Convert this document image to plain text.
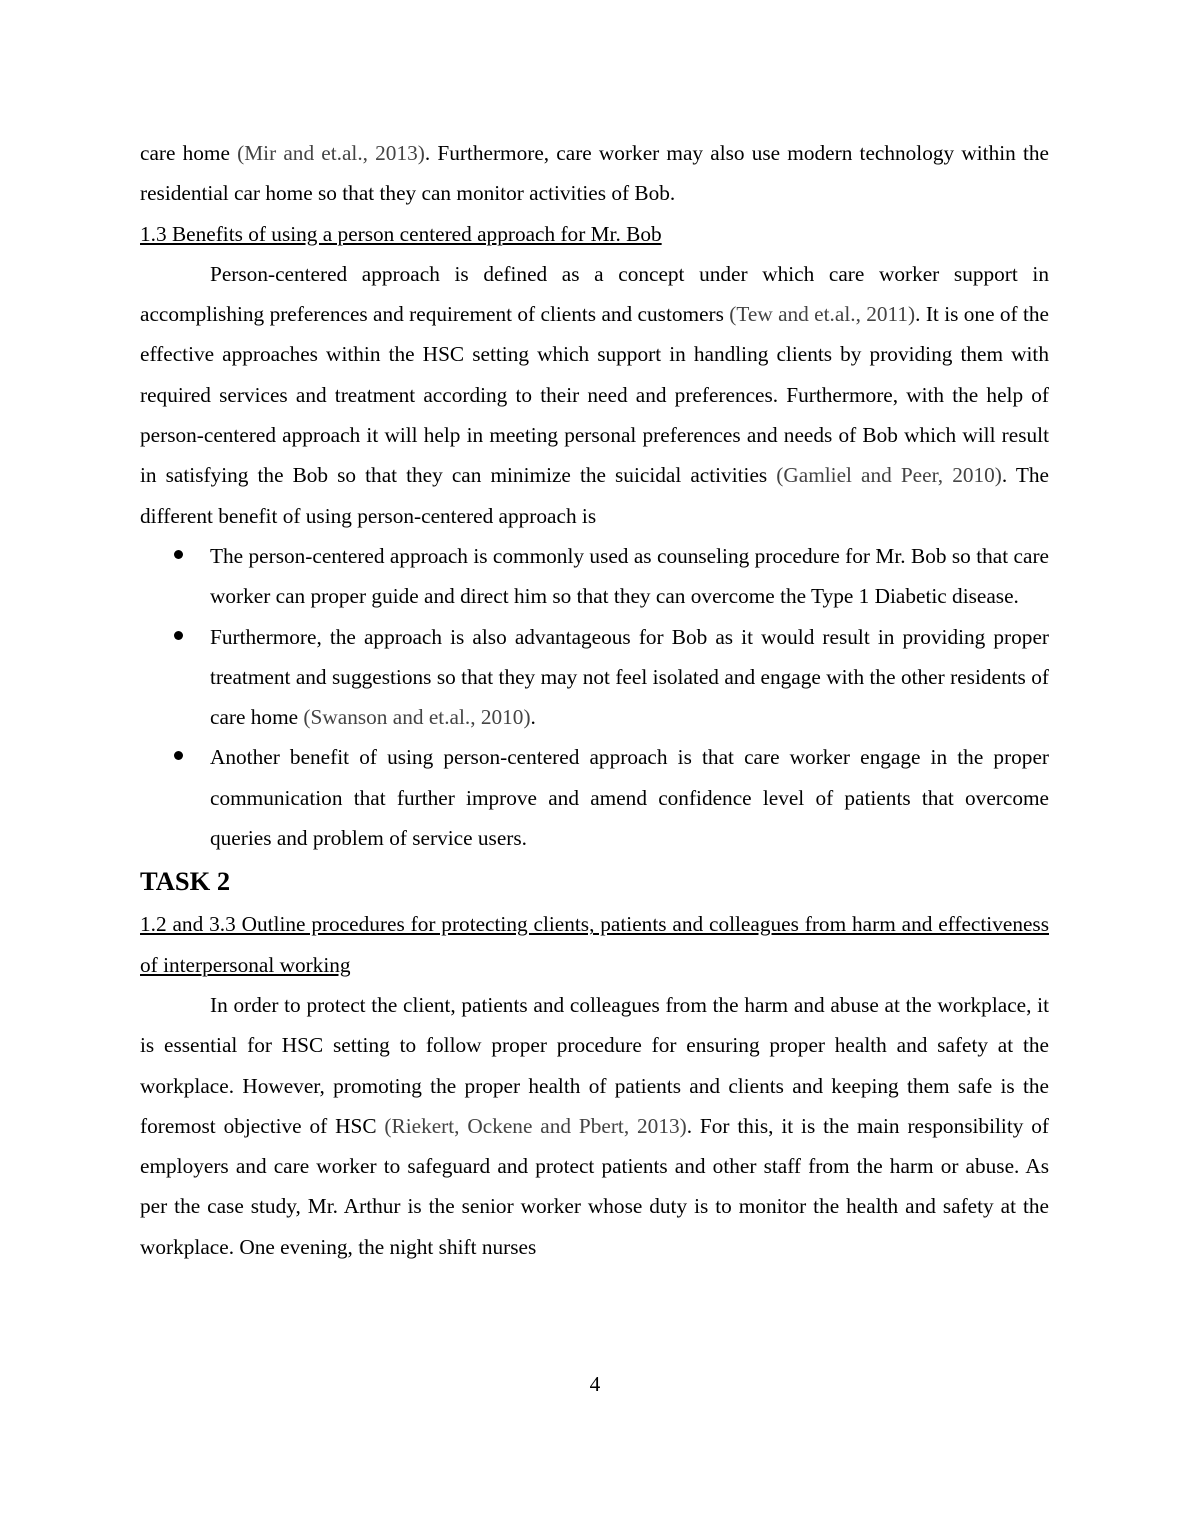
care home (Mir and et.al., 2013). Furthermore, care worker may also use modern technology within the residential car home so that they can monitor activities of Bob.

1.3 Benefits of using a person centered approach for Mr. Bob

Person-centered approach is defined as a concept under which care worker support in accomplishing preferences and requirement of clients and customers (Tew and et.al., 2011). It is one of the effective approaches within the HSC setting which support in handling clients by providing them with required services and treatment according to their need and preferences. Furthermore, with the help of person-centered approach it will help in meeting personal preferences and needs of Bob which will result in satisfying the Bob so that they can minimize the suicidal activities (Gamliel and Peer, 2010). The different benefit of using person-centered approach is

The person-centered approach is commonly used as counseling procedure for Mr. Bob so that care worker can proper guide and direct him so that they can overcome the Type 1 Diabetic disease.
Furthermore, the approach is also advantageous for Bob as it would result in providing proper treatment and suggestions so that they may not feel isolated and engage with the other residents of care home (Swanson and et.al., 2010).
Another benefit of using person-centered approach is that care worker engage in the proper communication that further improve and amend confidence level of patients that overcome queries and problem of service users.
TASK 2

1.2 and 3.3 Outline procedures for protecting clients, patients and colleagues from harm and effectiveness of interpersonal working

In order to protect the client, patients and colleagues from the harm and abuse at the workplace, it is essential for HSC setting to follow proper procedure for ensuring proper health and safety at the workplace. However, promoting the proper health of patients and clients and keeping them safe is the foremost objective of HSC (Riekert, Ockene and Pbert, 2013). For this, it is the main responsibility of employers and care worker to safeguard and protect patients and other staff from the harm or abuse. As per the case study, Mr. Arthur is the senior worker whose duty is to monitor the health and safety at the workplace. One evening, the night shift nurses

4
